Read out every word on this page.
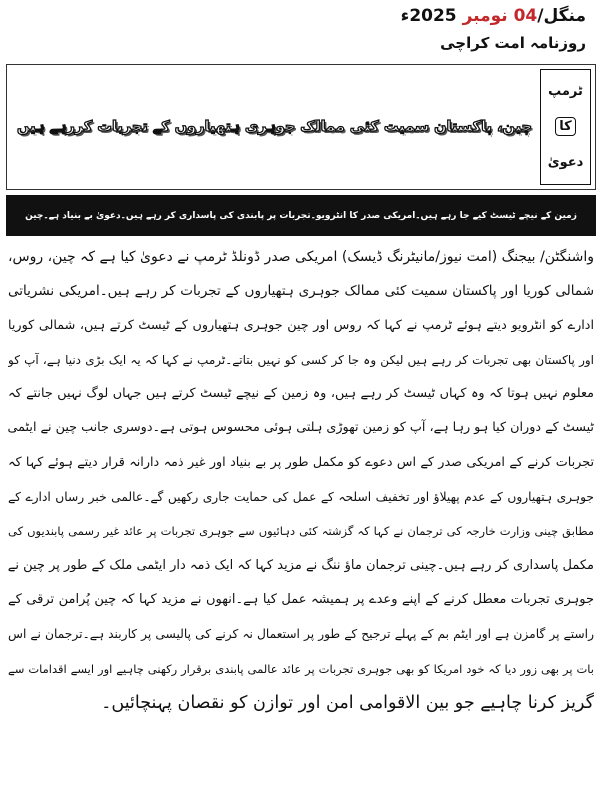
منگل/04 نومبر 2025ء
روزنامہ امت کراچی
ٹرمپ
کا
دعویٰ
چین، پاکستان سمیت کئی ممالک جوہری ہتھیاروں کے تجربات کررہے ہیں
زمین کے نیچے ٹیسٹ کیے جا رہے ہیں۔امریکی صدر کا انٹرویو۔تجربات پر پابندی کی پاسداری کر رہے ہیں۔دعویٰ بے بنیاد ہے۔چین

واشنگٹن/ بیجنگ (امت نیوز/مانیٹرنگ ڈیسک) امریکی صدر ڈونلڈ ٹرمپ نے دعویٰ کیا ہے کہ چین، روس،

شمالی کوریا اور پاکستان سمیت کئی ممالک جوہری ہتھیاروں کے تجربات کر رہے ہیں۔امریکی نشریاتی

ادارے کو انٹرویو دیتے ہوئے ٹرمپ نے کہا کہ روس اور چین جوہری ہتھیاروں کے ٹیسٹ کرتے ہیں، شمالی کوریا

اور پاکستان بھی تجربات کر رہے ہیں لیکن وہ جا کر کسی کو نہیں بتاتے۔ٹرمپ نے کہا کہ یہ ایک بڑی دنیا ہے، آپ کو

معلوم نہیں ہوتا کہ وہ کہاں ٹیسٹ کر رہے ہیں، وہ زمین کے نیچے ٹیسٹ کرتے ہیں جہاں لوگ نہیں جانتے کہ

ٹیسٹ کے دوران کیا ہو رہا ہے، آپ کو زمین تھوڑی ہلتی ہوئی محسوس ہوتی ہے۔دوسری جانب چین نے ایٹمی

تجربات کرنے کے امریکی صدر کے اس دعوے کو مکمل طور پر بے بنیاد اور غیر ذمہ دارانہ قرار دیتے ہوئے کہا کہ

جوہری ہتھیاروں کے عدم پھیلاؤ اور تخفیف اسلحہ کے عمل کی حمایت جاری رکھیں گے۔عالمی خبر رساں ادارے کے

مطابق چینی وزارت خارجہ کی ترجمان نے کہا کہ گزشتہ کئی دہائیوں سے جوہری تجربات پر عائد غیر رسمی پابندیوں کی

مکمل پاسداری کر رہے ہیں۔چینی ترجمان ماؤ ننگ نے مزید کہا کہ ایک ذمہ دار ایٹمی ملک کے طور پر چین نے

جوہری تجربات معطل کرنے کے اپنے وعدے پر ہمیشہ عمل کیا ہے۔انھوں نے مزید کہا کہ چین پُرامن ترقی کے

راستے پر گامزن ہے اور ایٹم بم کے پہلے ترجیح کے طور پر استعمال نہ کرنے کی پالیسی پر کاربند ہے۔ترجمان نے اس

بات پر بھی زور دیا کہ خود امریکا کو بھی جوہری تجربات پر عائد عالمی پابندی برقرار رکھنی چاہیے اور ایسے اقدامات سے

گریز کرنا چاہیے جو بین الاقوامی امن اور توازن کو نقصان پہنچائیں۔
